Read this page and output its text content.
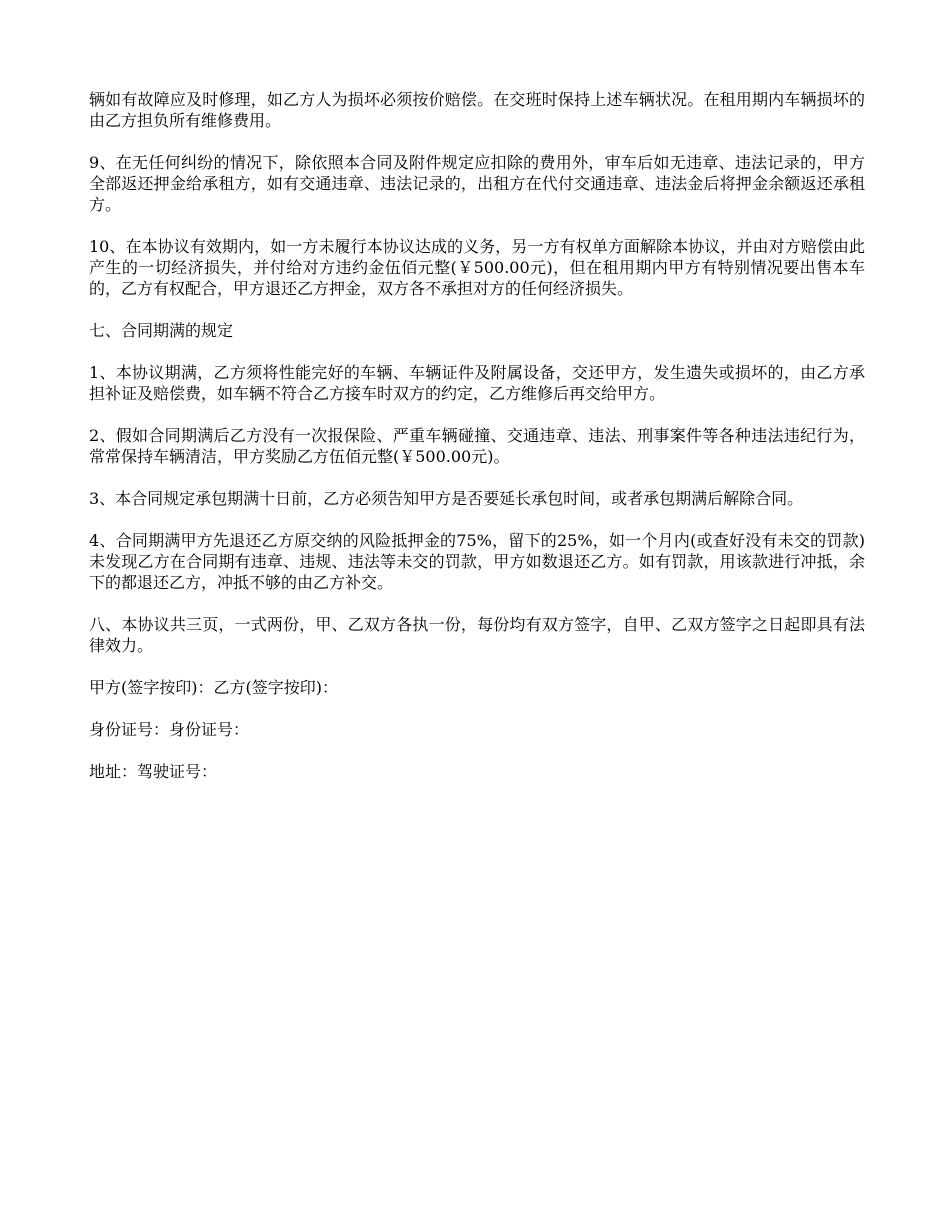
辆如有故障应及时修理，如乙方人为损坏必须按价赔偿。在交班时保持上述车辆状况。在租用期内车辆损坏的由乙方担负所有维修费用。

9、在无任何纠纷的情况下，除依照本合同及附件规定应扣除的费用外，审车后如无违章、违法记录的，甲方全部返还押金给承租方，如有交通违章、违法记录的，出租方在代付交通违章、违法金后将押金余额返还承租方。

10、在本协议有效期内，如一方未履行本协议达成的义务，另一方有权单方面解除本协议，并由对方赔偿由此产生的一切经济损失，并付给对方违约金伍佰元整(￥500.00元)，但在租用期内甲方有特别情况要出售本车的，乙方有权配合，甲方退还乙方押金，双方各不承担对方的任何经济损失。

七、合同期满的规定

1、本协议期满，乙方须将性能完好的车辆、车辆证件及附属设备，交还甲方，发生遗失或损坏的，由乙方承担补证及赔偿费，如车辆不符合乙方接车时双方的约定，乙方维修后再交给甲方。

2、假如合同期满后乙方没有一次报保险、严重车辆碰撞、交通违章、违法、刑事案件等各种违法违纪行为，常常保持车辆清洁，甲方奖励乙方伍佰元整(￥500.00元)。

3、本合同规定承包期满十日前，乙方必须告知甲方是否要延长承包时间，或者承包期满后解除合同。

4、合同期满甲方先退还乙方原交纳的风险抵押金的75%，留下的25%，如一个月内(或查好没有未交的罚款)未发现乙方在合同期有违章、违规、违法等未交的罚款，甲方如数退还乙方。如有罚款，用该款进行冲抵，余下的都退还乙方，冲抵不够的由乙方补交。

八、本协议共三页，一式两份，甲、乙双方各执一份，每份均有双方签字，自甲、乙双方签字之日起即具有法律效力。

甲方(签字按印)：乙方(签字按印)：

身份证号：身份证号：

地址：驾驶证号：
